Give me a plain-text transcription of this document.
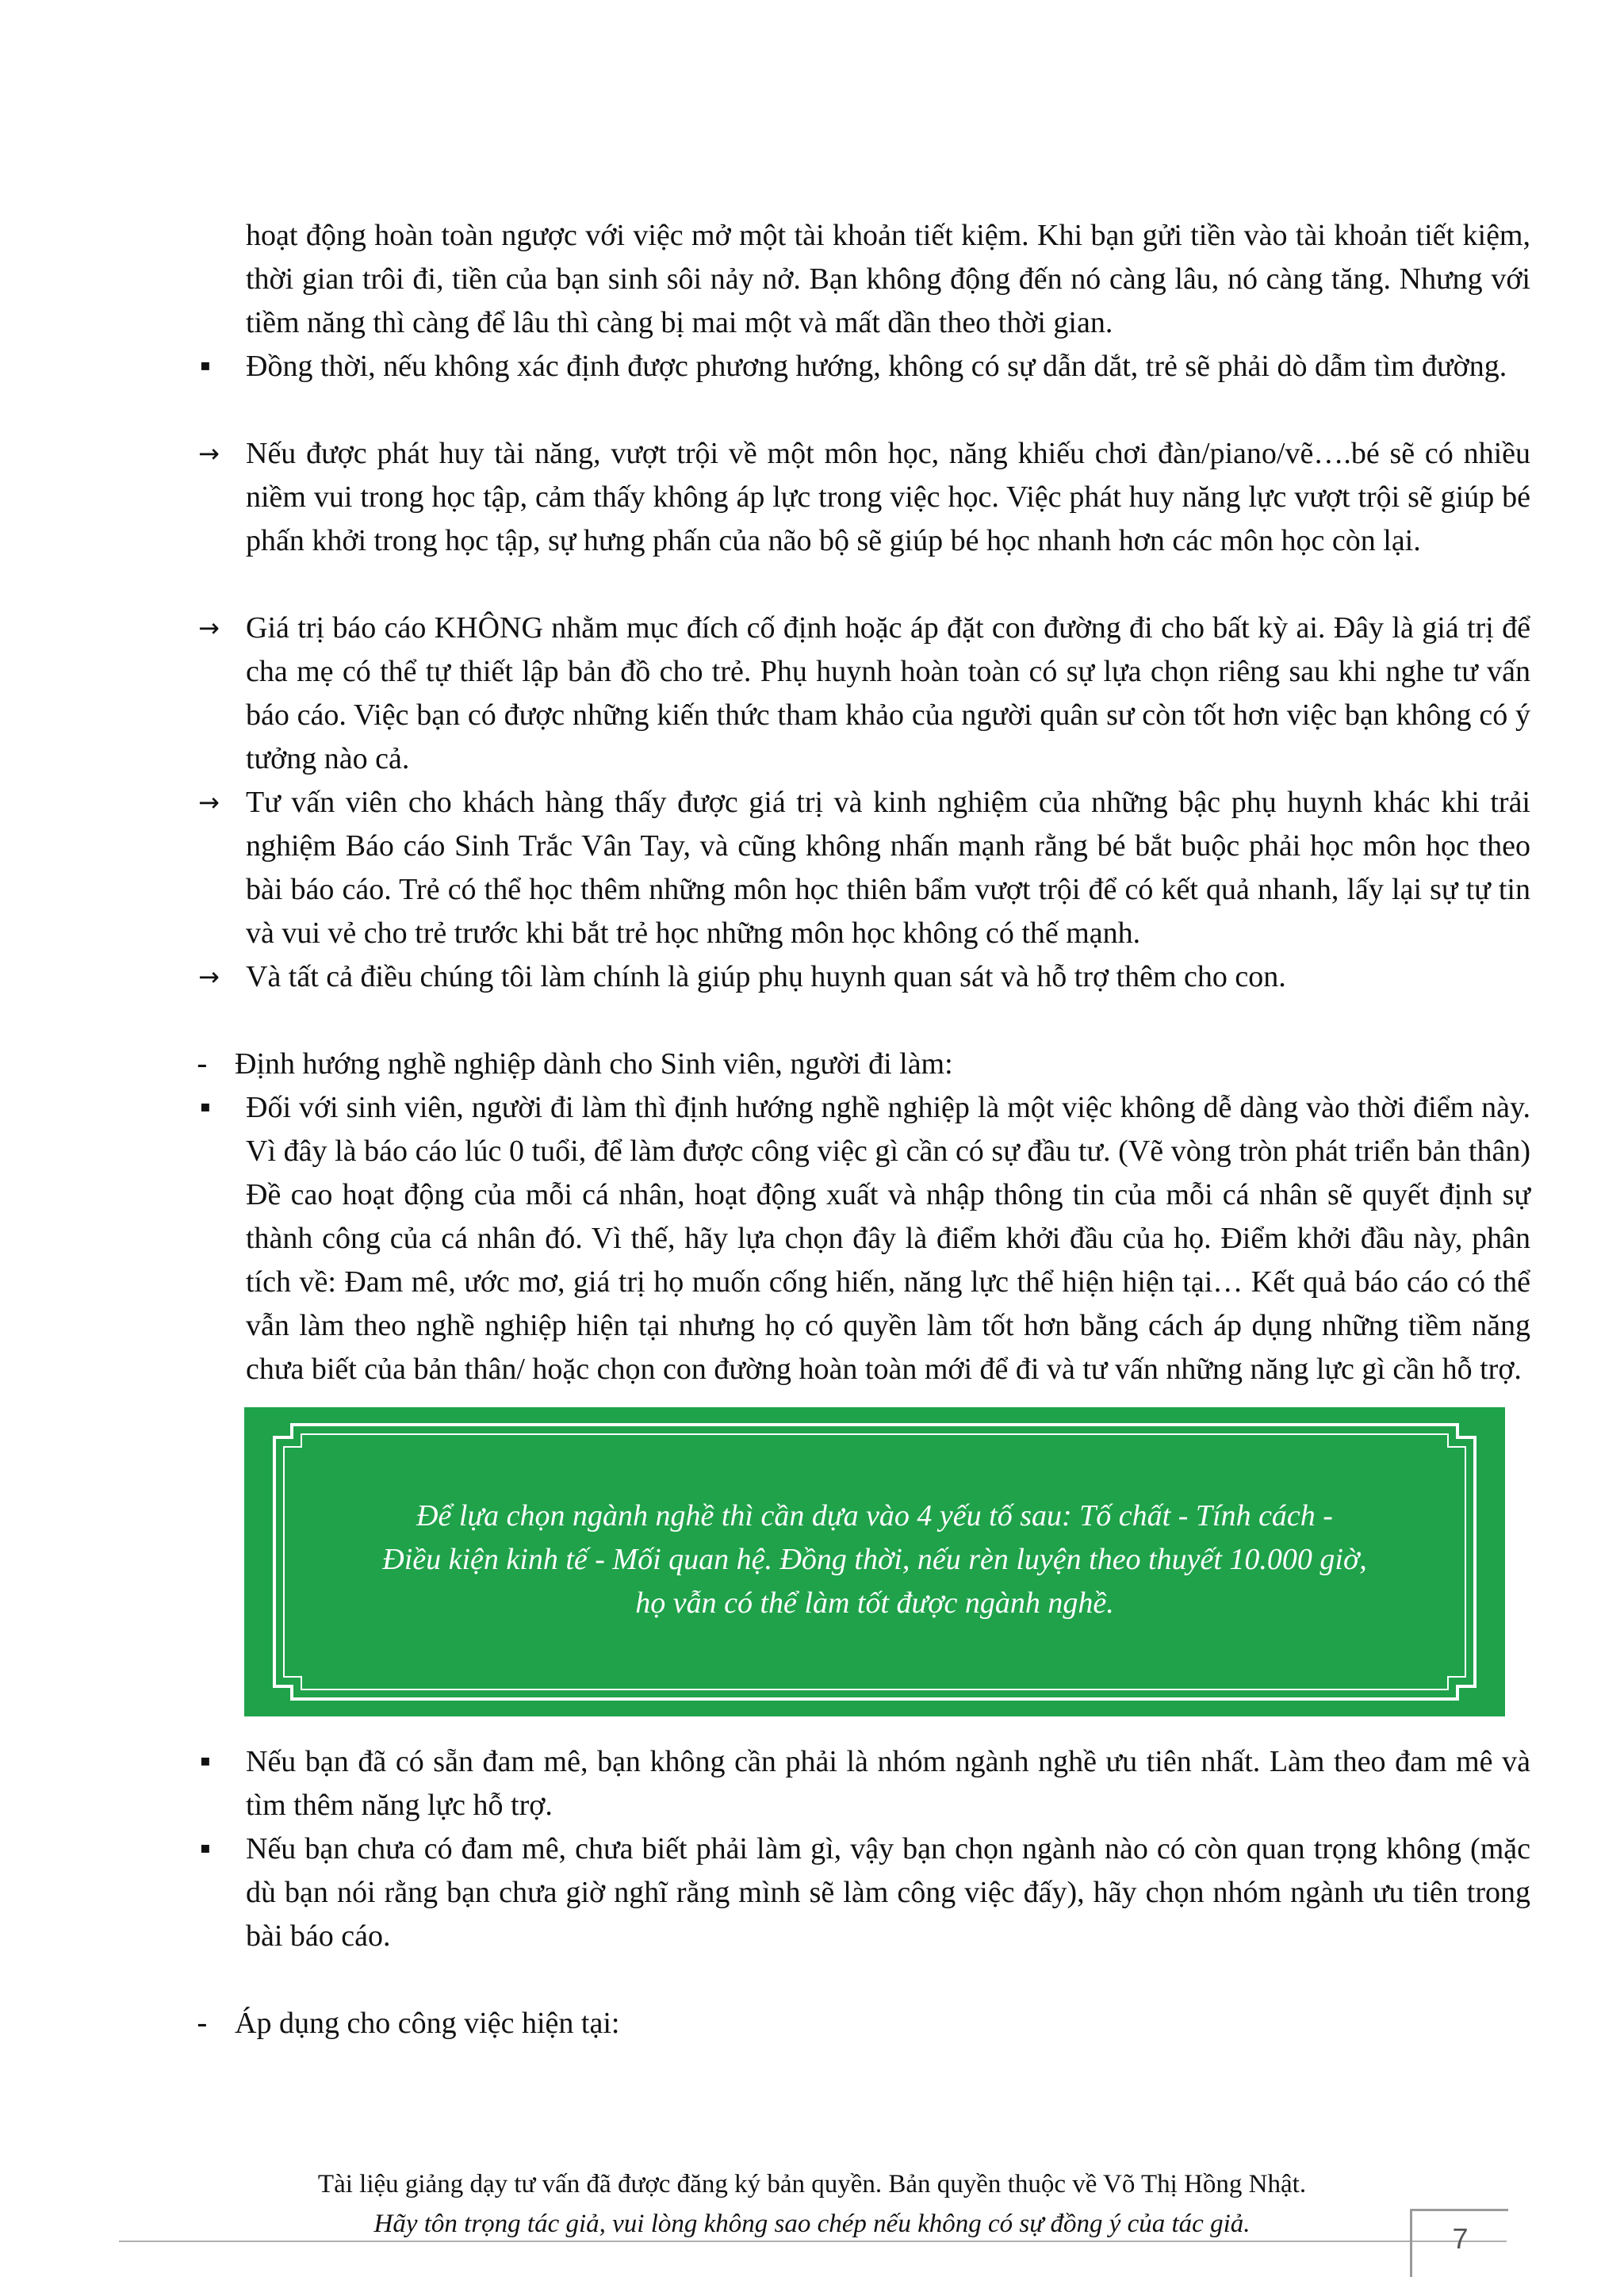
hoạt động hoàn toàn ngược với việc mở một tài khoản tiết kiệm. Khi bạn gửi tiền vào tài khoản tiết kiệm, thời gian trôi đi, tiền của bạn sinh sôi nảy nở. Bạn không động đến nó càng lâu, nó càng tăng. Nhưng với tiềm năng thì càng để lâu thì càng bị mai một và mất dần theo thời gian.

▪	Đồng thời, nếu không xác định được phương hướng, không có sự dẫn dắt, trẻ sẽ phải dò dẫm tìm đường.

→ Nếu được phát huy tài năng, vượt trội về một môn học, năng khiếu chơi đàn/piano/vẽ….bé sẽ có nhiều niềm vui trong học tập, cảm thấy không áp lực trong việc học. Việc phát huy năng lực vượt trội sẽ giúp bé phấn khởi trong học tập, sự hưng phấn của não bộ sẽ giúp bé học nhanh hơn các môn học còn lại.

→ Giá trị báo cáo KHÔNG nhằm mục đích cố định hoặc áp đặt con đường đi cho bất kỳ ai. Đây là giá trị để cha mẹ có thể tự thiết lập bản đồ cho trẻ. Phụ huynh hoàn toàn có sự lựa chọn riêng sau khi nghe tư vấn báo cáo. Việc bạn có được những kiến thức tham khảo của người quân sư còn tốt hơn việc bạn không có ý tưởng nào cả.

→ Tư vấn viên cho khách hàng thấy được giá trị và kinh nghiệm của những bậc phụ huynh khác khi trải nghiệm Báo cáo Sinh Trắc Vân Tay, và cũng không nhấn mạnh rằng bé bắt buộc phải học môn học theo bài báo cáo. Trẻ có thể học thêm những môn học thiên bẩm vượt trội để có kết quả nhanh, lấy lại sự tự tin và vui vẻ cho trẻ trước khi bắt trẻ học những môn học không có thế mạnh.

→ Và tất cả điều chúng tôi làm chính là giúp phụ huynh quan sát và hỗ trợ thêm cho con.

- Định hướng nghề nghiệp dành cho Sinh viên, người đi làm:

▪	Đối với sinh viên, người đi làm thì định hướng nghề nghiệp là một việc không dễ dàng vào thời điểm này. Vì đây là báo cáo lúc 0 tuổi, để làm được công việc gì cần có sự đầu tư. (Vẽ vòng tròn phát triển bản thân) Đề cao hoạt động của mỗi cá nhân, hoạt động xuất và nhập thông tin của mỗi cá nhân sẽ quyết định sự thành công của cá nhân đó. Vì thế, hãy lựa chọn đây là điểm khởi đầu của họ. Điểm khởi đầu này, phân tích về: Đam mê, ước mơ, giá trị họ muốn cống hiến, năng lực thể hiện hiện tại… Kết quả báo cáo có thể vẫn làm theo nghề nghiệp hiện tại nhưng họ có quyền làm tốt hơn bằng cách áp dụng những tiềm năng chưa biết của bản thân/ hoặc chọn con đường hoàn toàn mới để đi và tư vấn những năng lực gì cần hỗ trợ.

Để lựa chọn ngành nghề thì cần dựa vào 4 yếu tố sau: Tố chất - Tính cách -
Điều kiện kinh tế - Mối quan hệ. Đồng thời, nếu rèn luyện theo thuyết 10.000 giờ,
họ vẫn có thể làm tốt được ngành nghề.

▪	Nếu bạn đã có sẵn đam mê, bạn không cần phải là nhóm ngành nghề ưu tiên nhất. Làm theo đam mê và tìm thêm năng lực hỗ trợ.

▪	Nếu bạn chưa có đam mê, chưa biết phải làm gì, vậy bạn chọn ngành nào có còn quan trọng không (mặc dù bạn nói rằng bạn chưa giờ nghĩ rằng mình sẽ làm công việc đấy), hãy chọn nhóm ngành ưu tiên trong bài báo cáo.

- Áp dụng cho công việc hiện tại:

Tài liệu giảng dạy tư vấn đã được đăng ký bản quyền. Bản quyền thuộc về Võ Thị Hồng Nhật.
Hãy tôn trọng tác giả, vui lòng không sao chép nếu không có sự đồng ý của tác giả.	7
